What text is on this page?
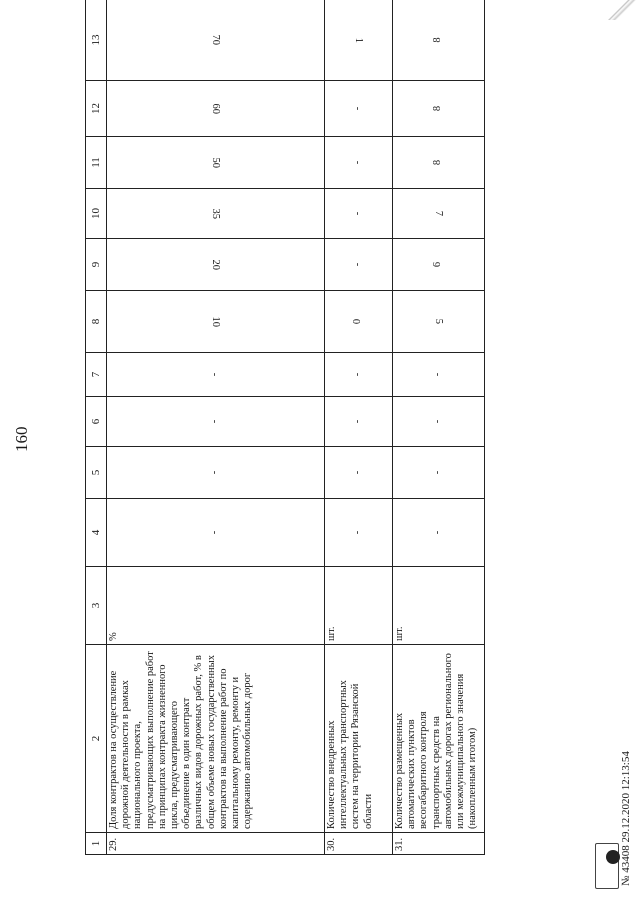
160
1	2	3	4	5	6	7	8	9	10	11	12	13
29.	Доля контрактов на осуществление дорожной деятельности в рамках национального проекта, предусматривающих выполнение работ на принципах контракта жизненного цикла, предусматривающего объединение в один контракт различных видов дорожных работ, % в общем объеме новых государственных контрактов на выполнение работ по капитальному ремонту, ремонту и содержанию автомобильных дорог	%	-	-	-	-	10	20	35	50	60	70
30.	Количество внедренных интеллектуальных транспортных систем на территории Рязанской области	шт.	-	-	-	-	0	-	-	-	-	1
31.	Количество размещенных автоматических пунктов весогабаритного контроля транспортных средств на автомобильных дорогах регионального или межмуниципального значения (накопленным итогом)	шт.	-	-	-	-	5	6	7	8	8	8
№ 43408 29.12.2020 12:13:54
